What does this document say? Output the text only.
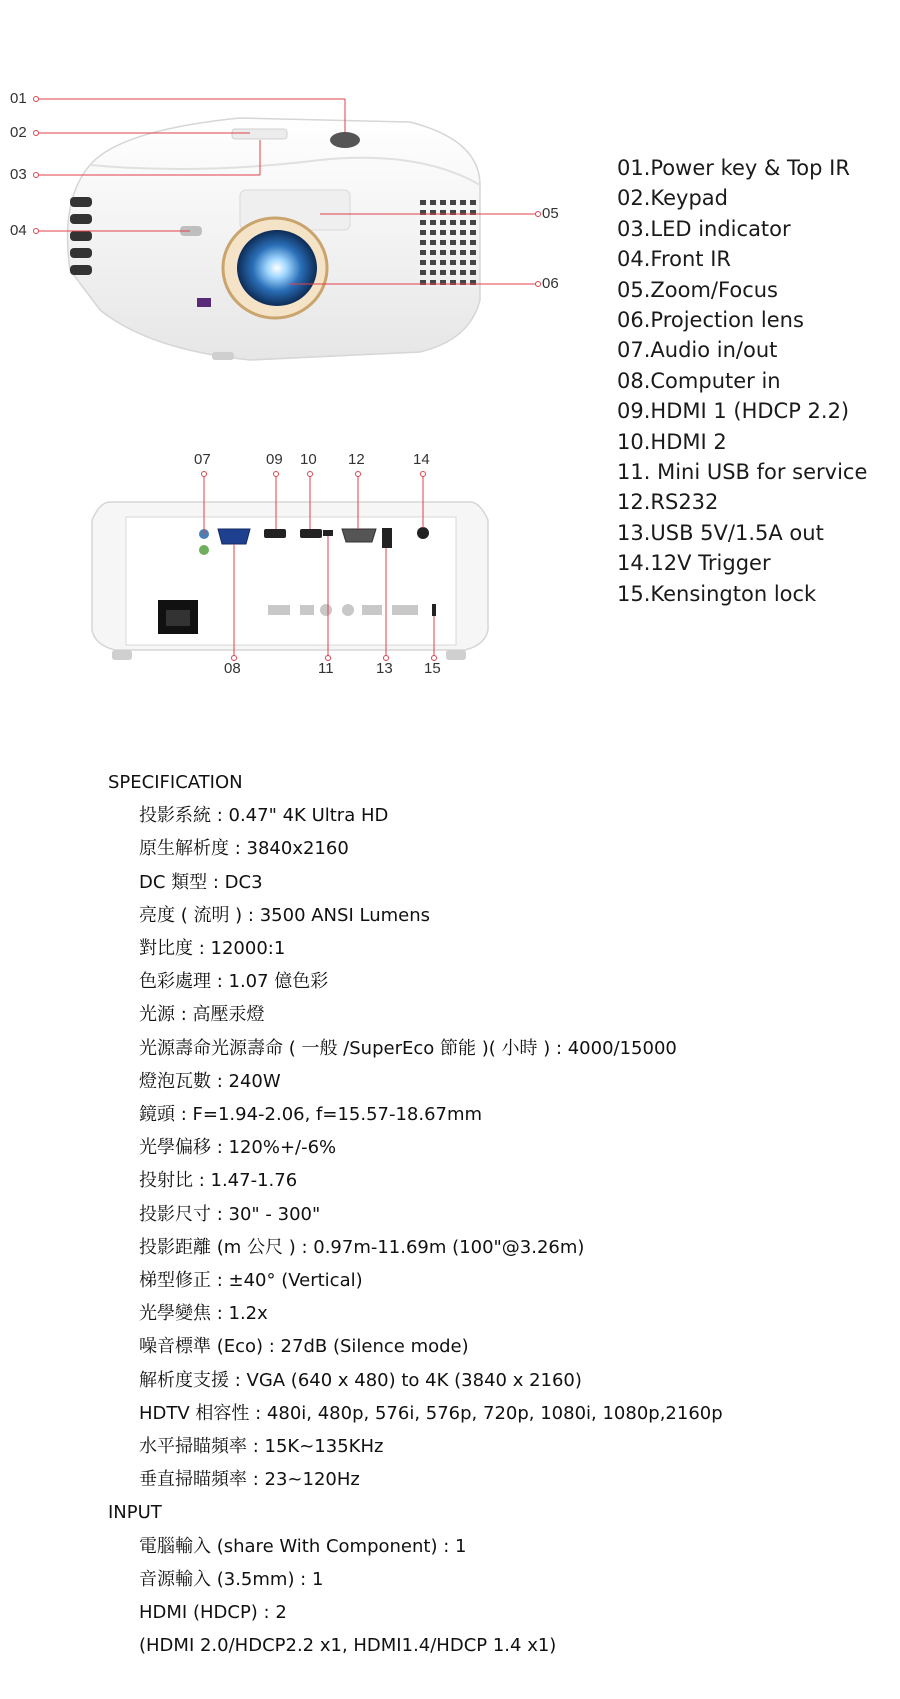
01
02
03
04
05
06
07	09 10 12	14
08	11	13 15
01.Power key & Top IR
02.Keypad
03.LED indicator
04.Front IR
05.Zoom/Focus
06.Projection lens
07.Audio in/out
08.Computer in
09.HDMI 1 (HDCP 2.2)
10.HDMI 2
11. Mini USB for service
12.RS232
13.USB 5V/1.5A out
14.12V Trigger
15.Kensington lock
SPECIFICATION
投影系統 : 0.47" 4K Ultra HD
原生解析度 : 3840x2160
DC 類型 : DC3
亮度 ( 流明 ) : 3500 ANSI Lumens
對比度 : 12000:1
色彩處理 : 1.07 億色彩
光源 : 高壓汞燈
光源壽命光源壽命 ( 一般 /SuperEco 節能 )( 小時 ) : 4000/15000
燈泡瓦數 : 240W
鏡頭 : F=1.94-2.06, f=15.57-18.67mm
光學偏移 : 120%+/-6%
投射比 : 1.47-1.76
投影尺寸 : 30" - 300"
投影距離 (m 公尺 ) : 0.97m-11.69m (100"@3.26m)
梯型修正 : ±40° (Vertical)
光學變焦 : 1.2x
噪音標準 (Eco) : 27dB (Silence mode)
解析度支援 : VGA (640 x 480) to 4K (3840 x 2160)
HDTV 相容性 : 480i, 480p, 576i, 576p, 720p, 1080i, 1080p,2160p
水平掃瞄頻率 : 15K~135KHz
垂直掃瞄頻率 : 23~120Hz
INPUT
電腦輸入 (share With Component) : 1
音源輸入 (3.5mm) : 1
HDMI (HDCP) : 2
(HDMI 2.0/HDCP2.2 x1, HDMI1.4/HDCP 1.4 x1)
